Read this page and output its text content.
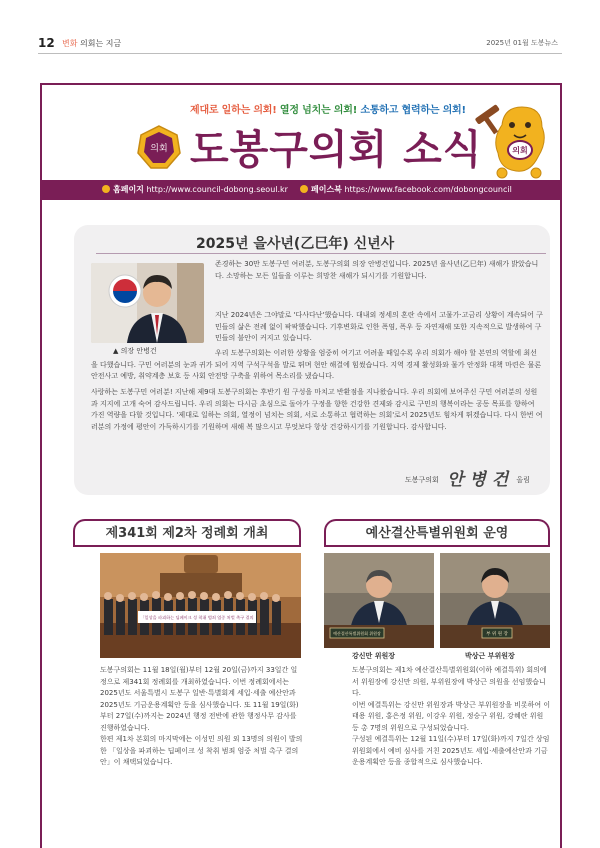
12 변화 의회는 지금	2025년 01월 도봉뉴스
제대로 일하는 의회! 열정 넘치는 의회! 소통하고 협력하는 의회!
의회 도봉구의회 소식	의회
홈페이지 http://www.council-dobong.seoul.kr	페이스북 https://www.facebook.com/dobongcouncil
2025년 을사년(乙巳年) 신년사
▲ 의장 안병건

존경하는 30만 도봉구민 여러분, 도봉구의회 의장 안병건입니다. 2025년 을사년(乙巳年) 새해가 밝았습니다. 소망하는 모든 일들을 이루는 희망찬 새해가 되시기를 기원합니다.

지난 2024년은 그야말로 '다사다난'했습니다. 대내외 정세의 혼란 속에서 고물가·고금리 상황이 계속되어 구민들의 삶은 전례 없이 팍팍했습니다. 기후변화로 인한 폭염, 폭우 등 자연재해 또한 지속적으로 발생하여 구민들의 불안이 커지고 있습니다.

우리 도봉구의회는 이러한 상황을 엄중히 여기고 어려울 때일수록 우리 의회가 해야 할 본연의 역할에 최선을 다했습니다. 구민 여러분의 눈과 귀가 되어 지역 구석구석을 발로 뛰며 현안 해결에 힘썼습니다. 지역 경제 활성화와 물가 안정화 대책 마련은 물론 안전사고 예방, 취약계층 보호 등 사회 안전망 구축을 위하여 목소리를 냈습니다.

사랑하는 도봉구민 여러분! 지난해 제9대 도봉구의회는 후반기 원 구성을 마치고 반환점을 지나왔습니다. 우리 의회에 보여주신 구민 여러분의 성원과 지지에 고개 숙여 감사드립니다. 우리 의회는 다시금 초심으로 돌아가 구정을 향한 건강한 견제와 감시로 구민의 행복이라는 공동 목표를 향하여 가진 역량을 다할 것입니다. '제대로 일하는 의회, 열정이 넘치는 의회, 서로 소통하고 협력하는 의회'로서 2025년도 힘차게 뛰겠습니다. 다시 한번 여러분의 가정에 평안이 가득하시기를 기원하며 새해 복 많으시고 무엇보다 항상 건강하시기를 기원합니다. 감사합니다.

도봉구의회 안 병 건 올림
제341회 제2차 정례회 개최
「일상을 파괴하는 딥페이크 성 착취 범죄 엄중 처벌 촉구 결의
도봉구의회는 11월 18일(월)부터 12월 20일(금)까지 33일간 일정으로 제341회 정례회를 개최하였습니다. 이번 정례회에서는 2025년도 서울특별시 도봉구 일반·특별회계 세입·세출 예산안과 2025년도 기금운용계획안 등을 심사했습니다. 또 11월 19일(화)부터 27일(수)까지는 2024년 행정 전반에 관한 행정사무 감사를 진행하였습니다.
한편 제1차 본회의 마지막에는 이성민 의원 외 13명의 의원이 발의한 「일상을 파괴하는 딥페이크 성 착취 범죄 엄중 처벌 촉구 결의안」이 채택되었습니다.
예산결산특별위원회 운영
예산결산특별위원회 위원장	부 위 원 장
강신만 위원장	박상근 부위원장
도봉구의회는 제1차 예산결산특별위원회(이하 예결특위) 회의에서 위원장에 강신만 의원, 부위원장에 박상근 의원을 선임했습니다.
이번 예결특위는 강신만 위원장과 박상근 부위원장을 비롯하여 이태용 위원, 홍은정 위원, 이강우 위원, 정승구 위원, 강혜란 위원 등 총 7명의 위원으로 구성되었습니다.
구성된 예결특위는 12월 11일(수)부터 17일(화)까지 7일간 상임위원회에서 예비 심사를 거친 2025년도 세입·세출예산안과 기금운용계획안 등을 종합적으로 심사했습니다.
